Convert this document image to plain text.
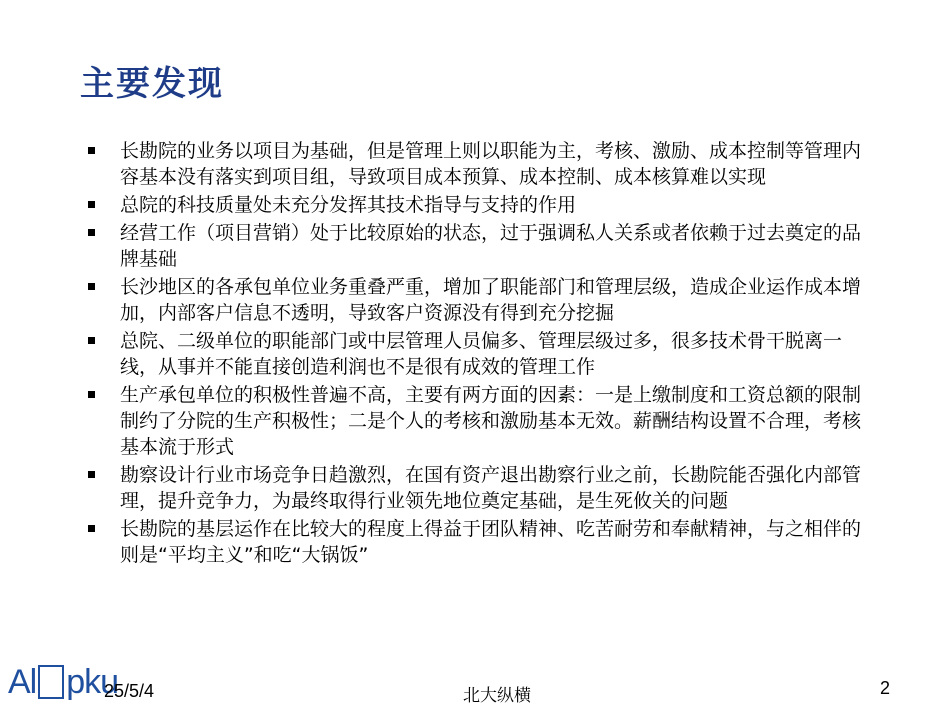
主要发现
长勘院的业务以项目为基础，但是管理上则以职能为主，考核、激励、成本控制等管理内容基本没有落实到项目组，导致项目成本预算、成本控制、成本核算难以实现
总院的科技质量处未充分发挥其技术指导与支持的作用
经营工作（项目营销）处于比较原始的状态，过于强调私人关系或者依赖于过去奠定的品牌基础
长沙地区的各承包单位业务重叠严重，增加了职能部门和管理层级，造成企业运作成本增加，内部客户信息不透明，导致客户资源没有得到充分挖掘
总院、二级单位的职能部门或中层管理人员偏多、管理层级过多，很多技术骨干脱离一线，从事并不能直接创造利润也不是很有成效的管理工作
生产承包单位的积极性普遍不高，主要有两方面的因素：一是上缴制度和工资总额的限制制约了分院的生产积极性；二是个人的考核和激励基本无效。薪酬结构设置不合理，考核基本流于形式
勘察设计行业市场竞争日趋激烈，在国有资产退出勘察行业之前，长勘院能否强化内部管理，提升竞争力，为最终取得行业领先地位奠定基础，是生死攸关的问题
长勘院的基层运作在比较大的程度上得益于团队精神、吃苦耐劳和奉献精神，与之相伴的则是“平均主义”和吃“大锅饭”
Al pku
25/5/4	北大纵横	2
